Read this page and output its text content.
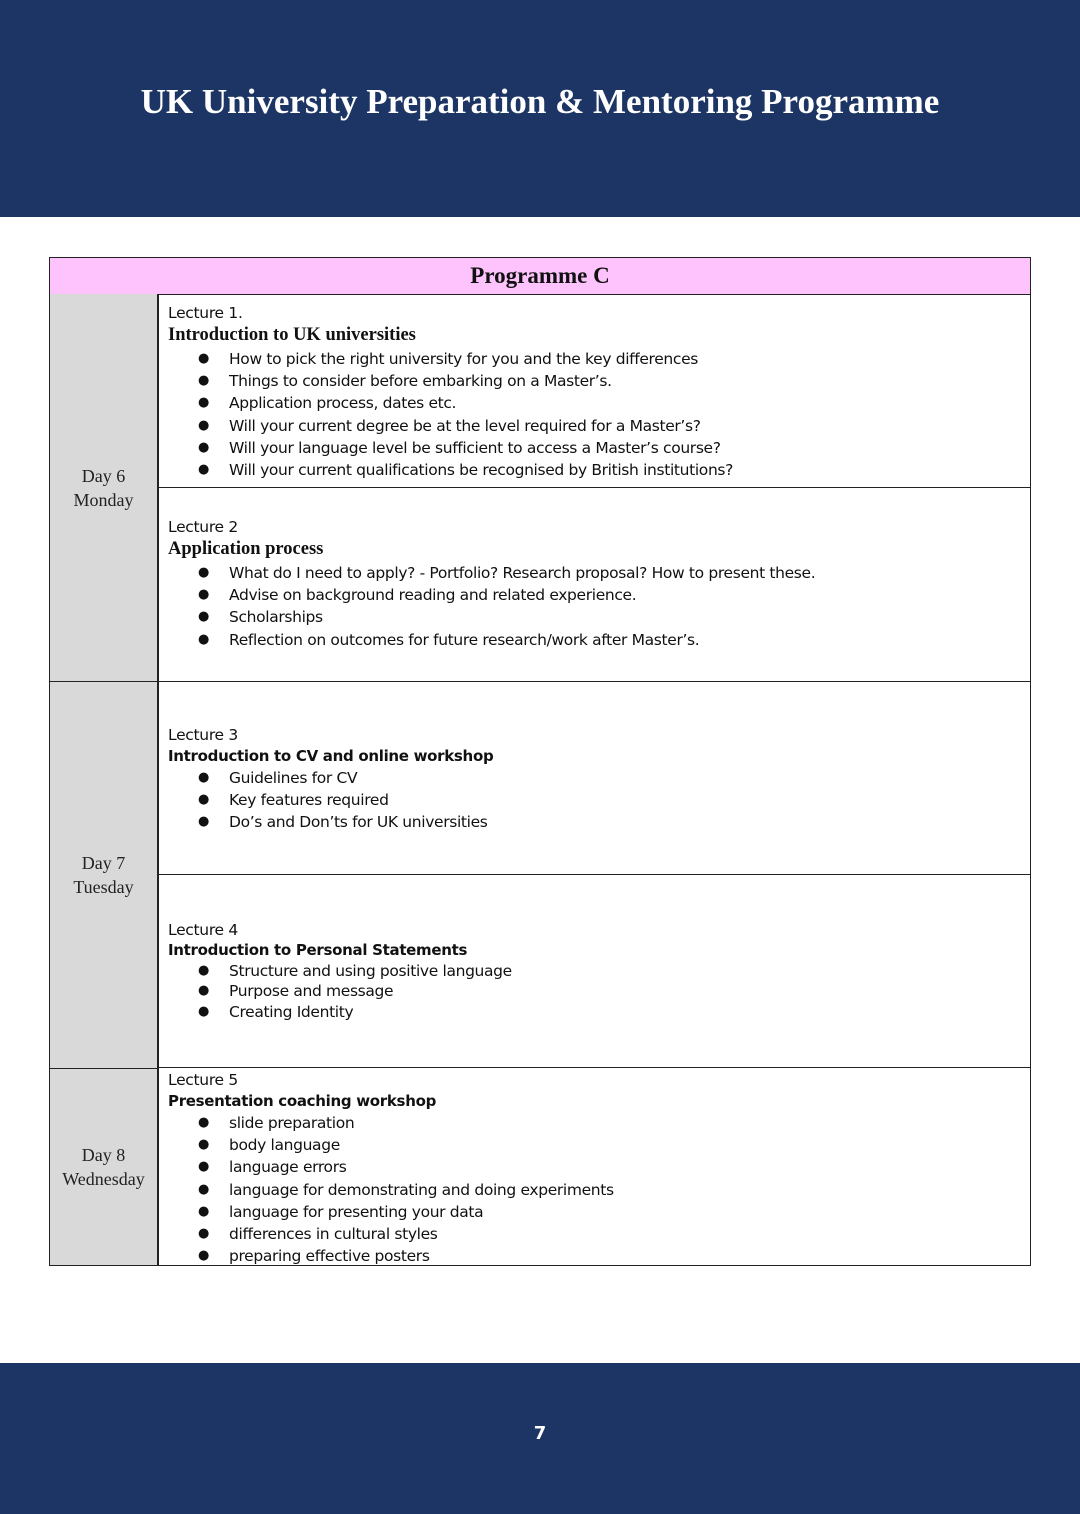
UK University Preparation & Mentoring Programme
Programme C
Day 6
Monday
Day 7
Tuesday
Day 8
Wednesday
Lecture 1.
Introduction to UK universities
● How to pick the right university for you and the key differences
● Things to consider before embarking on a Master’s.
● Application process, dates etc.
● Will your current degree be at the level required for a Master’s?
● Will your language level be sufficient to access a Master’s course?
● Will your current qualifications be recognised by British institutions?
Lecture 2
Application process
● What do I need to apply? - Portfolio? Research proposal? How to present these.
● Advise on background reading and related experience.
● Scholarships
● Reflection on outcomes for future research/work after Master’s.
Lecture 3
Introduction to CV and online workshop
● Guidelines for CV
● Key features required
● Do’s and Don’ts for UK universities
Lecture 4
Introduction to Personal Statements
● Structure and using positive language
● Purpose and message
● Creating Identity
Lecture 5
Presentation coaching workshop
● slide preparation
● body language
● language errors
● language for demonstrating and doing experiments
● language for presenting your data
● differences in cultural styles
● preparing effective posters
7
